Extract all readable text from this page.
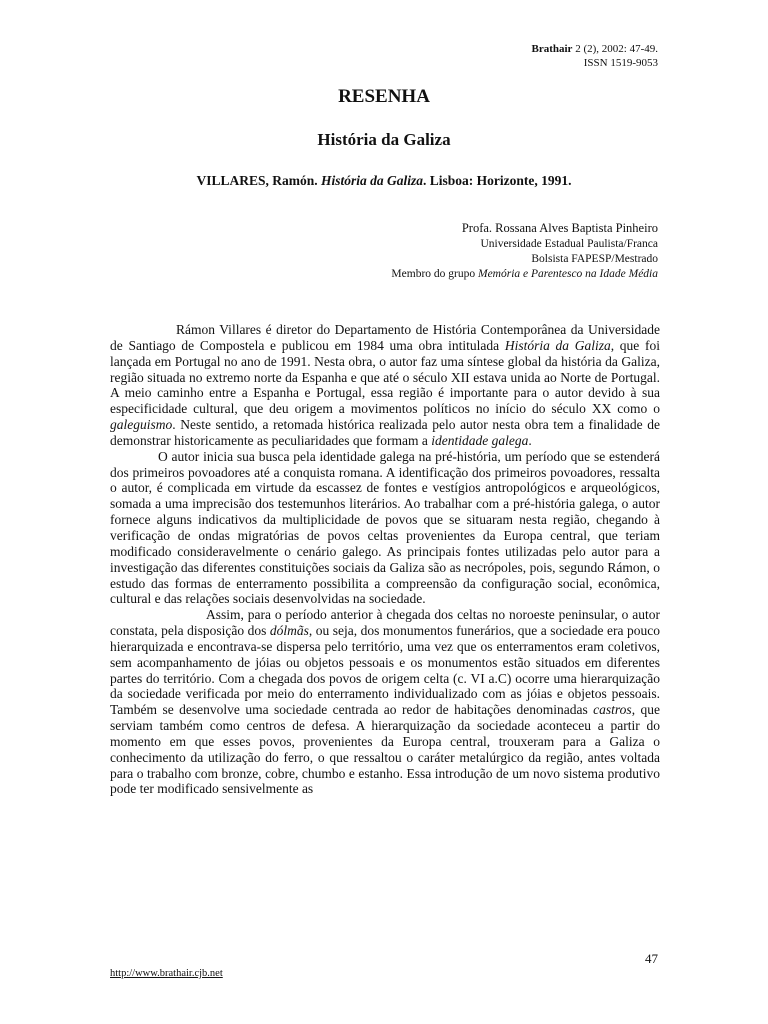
Brathair 2 (2), 2002: 47-49.
ISSN 1519-9053
RESENHA
História da Galiza
VILLARES, Ramón. História da Galiza. Lisboa: Horizonte, 1991.
Profa. Rossana Alves Baptista Pinheiro
Universidade Estadual Paulista/Franca
Bolsista FAPESP/Mestrado
Membro do grupo Memória e Parentesco na Idade Média

Rámon Villares é diretor do Departamento de História Contemporânea da Universidade de Santiago de Compostela e publicou em 1984 uma obra intitulada História da Galiza, que foi lançada em Portugal no ano de 1991. Nesta obra, o autor faz uma síntese global da história da Galiza, região situada no extremo norte da Espanha e que até o século XII estava unida ao Norte de Portugal. A meio caminho entre a Espanha e Portugal, essa região é importante para o autor devido à sua especificidade cultural, que deu origem a movimentos políticos no início do século XX como o galeguismo. Neste sentido, a retomada histórica realizada pelo autor nesta obra tem a finalidade de demonstrar historicamente as peculiaridades que formam a identidade galega.

O autor inicia sua busca pela identidade galega na pré-história, um período que se estenderá dos primeiros povoadores até a conquista romana. A identificação dos primeiros povoadores, ressalta o autor, é complicada em virtude da escassez de fontes e vestígios antropológicos e arqueológicos, somada a uma imprecisão dos testemunhos literários. Ao trabalhar com a pré-história galega, o autor fornece alguns indicativos da multiplicidade de povos que se situaram nesta região, chegando à verificação de ondas migratórias de povos celtas provenientes da Europa central, que teriam modificado consideravelmente o cenário galego. As principais fontes utilizadas pelo autor para a investigação das diferentes constituições sociais da Galiza são as necrópoles, pois, segundo Rámon, o estudo das formas de enterramento possibilita a compreensão da configuração social, econômica, cultural e das relações sociais desenvolvidas na sociedade.

Assim, para o período anterior à chegada dos celtas no noroeste peninsular, o autor constata, pela disposição dos dólmãs, ou seja, dos monumentos funerários, que a sociedade era pouco hierarquizada e encontrava-se dispersa pelo território, uma vez que os enterramentos eram coletivos, sem acompanhamento de jóias ou objetos pessoais e os monumentos estão situados em diferentes partes do território. Com a chegada dos povos de origem celta (c. VI a.C) ocorre uma hierarquização da sociedade verificada por meio do enterramento individualizado com as jóias e objetos pessoais. Também se desenvolve uma sociedade centrada ao redor de habitações denominadas castros, que serviam também como centros de defesa. A hierarquização da sociedade aconteceu a partir do momento em que esses povos, provenientes da Europa central, trouxeram para a Galiza o conhecimento da utilização do ferro, o que ressaltou o caráter metalúrgico da região, antes voltada para o trabalho com bronze, cobre, chumbo e estanho. Essa introdução de um novo sistema produtivo pode ter modificado sensivelmente as

47
http://www.brathair.cjb.net
